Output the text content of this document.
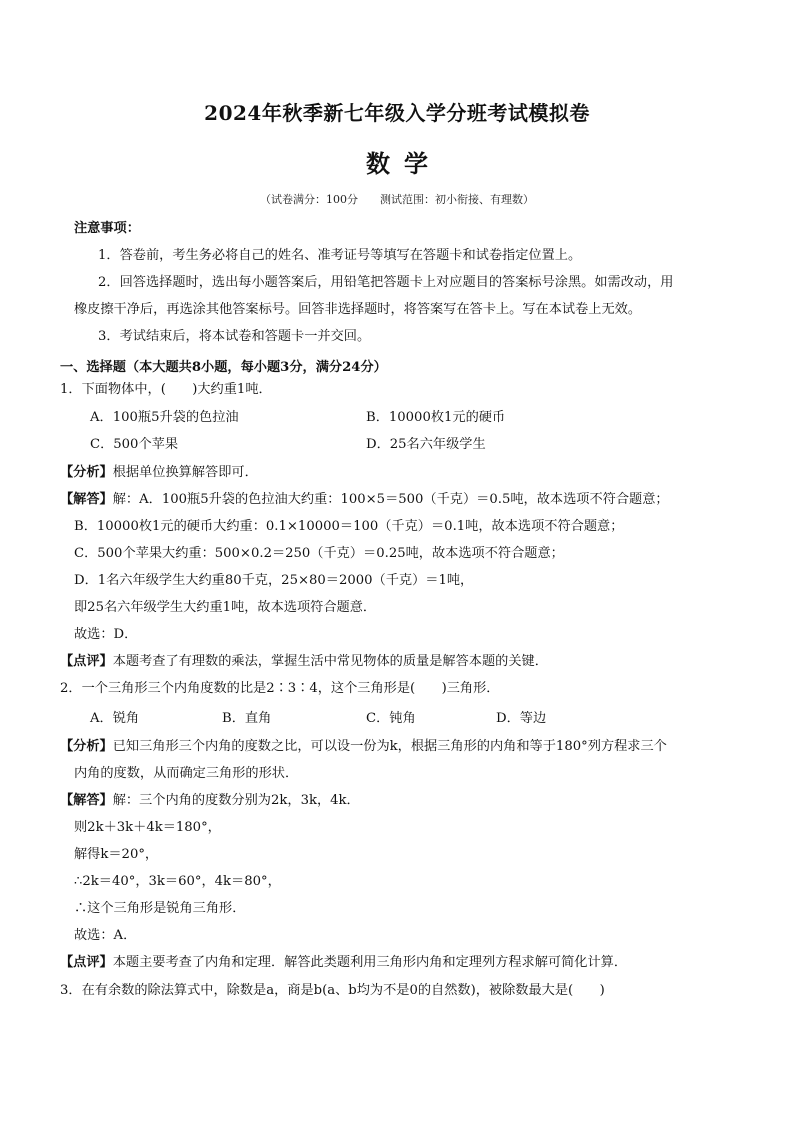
2024年秋季新七年级入学分班考试模拟卷
数学
（试卷满分：100分　　测试范围：初小衔接、有理数）
注意事项：
1．答卷前，考生务必将自己的姓名、准考证号等填写在答题卡和试卷指定位置上。
2．回答选择题时，选出每小题答案后，用铅笔把答题卡上对应题目的答案标号涂黑。如需改动，用
橡皮擦干净后，再选涂其他答案标号。回答非选择题时，将答案写在答卡上。写在本试卷上无效。
3．考试结束后，将本试卷和答题卡一并交回。
一、选择题（本大题共8小题，每小题3分，满分24分）
1．下面物体中，(　　)大约重1吨．
A．100瓶5升袋的色拉油	B．10000枚1元的硬币
C．500个苹果	D．25名六年级学生
【分析】根据单位换算解答即可．
【解答】解：A．100瓶5升袋的色拉油大约重：100×5＝500（千克）＝0.5吨，故本选项不符合题意；
B．10000枚1元的硬币大约重：0.1×10000＝100（千克）＝0.1吨，故本选项不符合题意；
C．500个苹果大约重：500×0.2＝250（千克）＝0.25吨，故本选项不符合题意；
D．1名六年级学生大约重80千克，25×80＝2000（千克）＝1吨，
即25名六年级学生大约重1吨，故本选项符合题意．
故选：D．
【点评】本题考查了有理数的乘法，掌握生活中常见物体的质量是解答本题的关键．
2．一个三角形三个内角度数的比是2∶3∶4，这个三角形是(　　)三角形．
A．锐角	B．直角	C．钝角	D．等边
【分析】已知三角形三个内角的度数之比，可以设一份为k，根据三角形的内角和等于180°列方程求三个
内角的度数，从而确定三角形的形状．
【解答】解：三个内角的度数分别为2k，3k，4k．
则2k＋3k＋4k＝180°，
解得k＝20°，
∴2k＝40°，3k＝60°，4k＝80°，
∴这个三角形是锐角三角形．
故选：A．
【点评】本题主要考查了内角和定理．解答此类题利用三角形内角和定理列方程求解可简化计算．
3．在有余数的除法算式中，除数是a，商是b(a、b均为不是0的自然数)，被除数最大是(　　)
